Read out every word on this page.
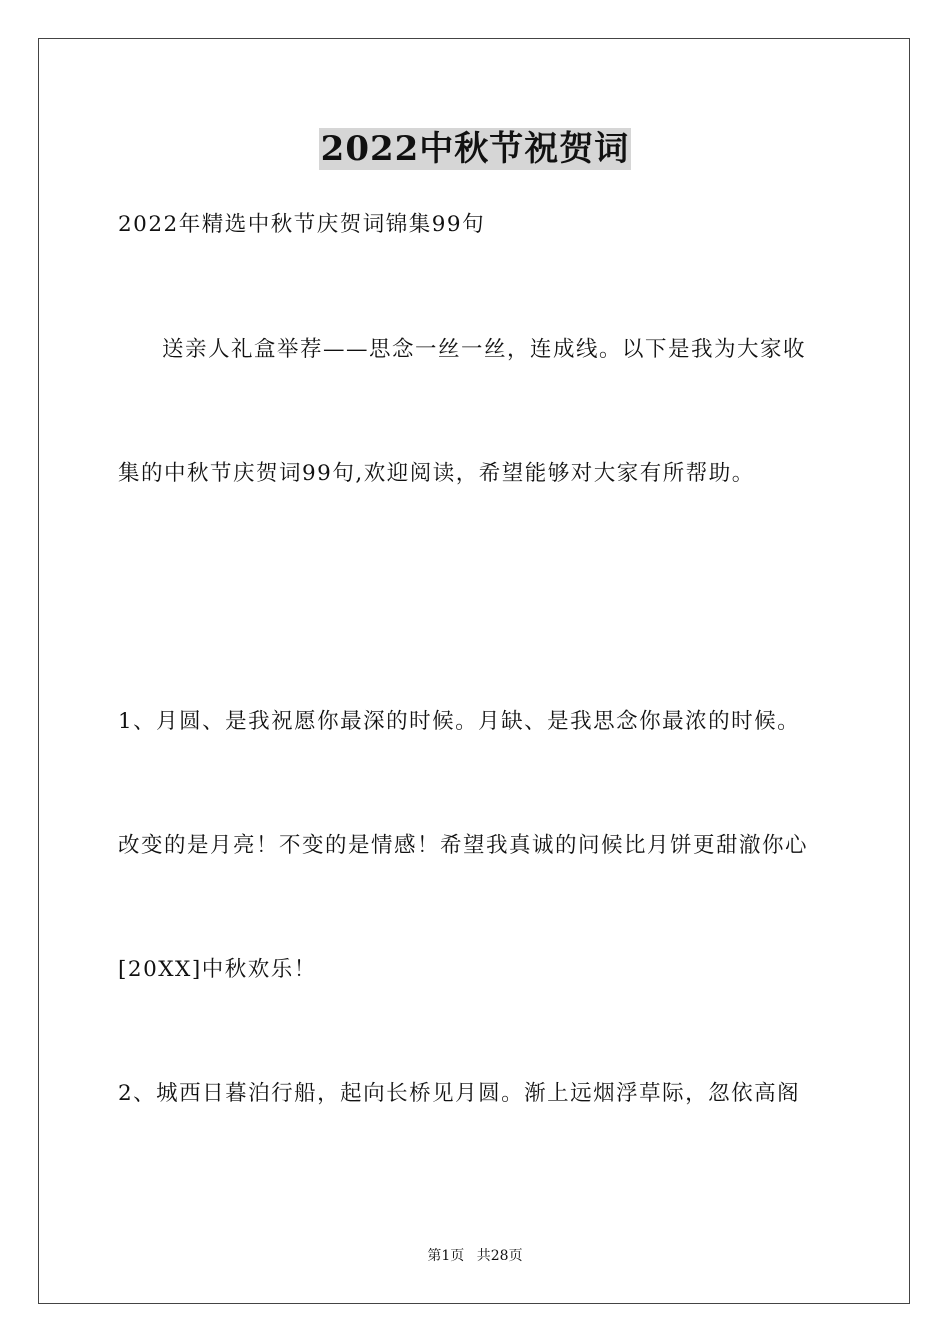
2022中秋节祝贺词
2022年精选中秋节庆贺词锦集99句
送亲人礼盒举荐——思念一丝一丝，连成线。以下是我为大家收
集的中秋节庆贺词99句,欢迎阅读，希望能够对大家有所帮助。
1、月圆、是我祝愿你最深的时候。月缺、是我思念你最浓的时候。
改变的是月亮！不变的是情感！希望我真诚的问候比月饼更甜澈你心
[20XX]中秋欢乐！
2、城西日暮泊行船，起向长桥见月圆。渐上远烟浮草际，忽依高阁
第1页 共28页
